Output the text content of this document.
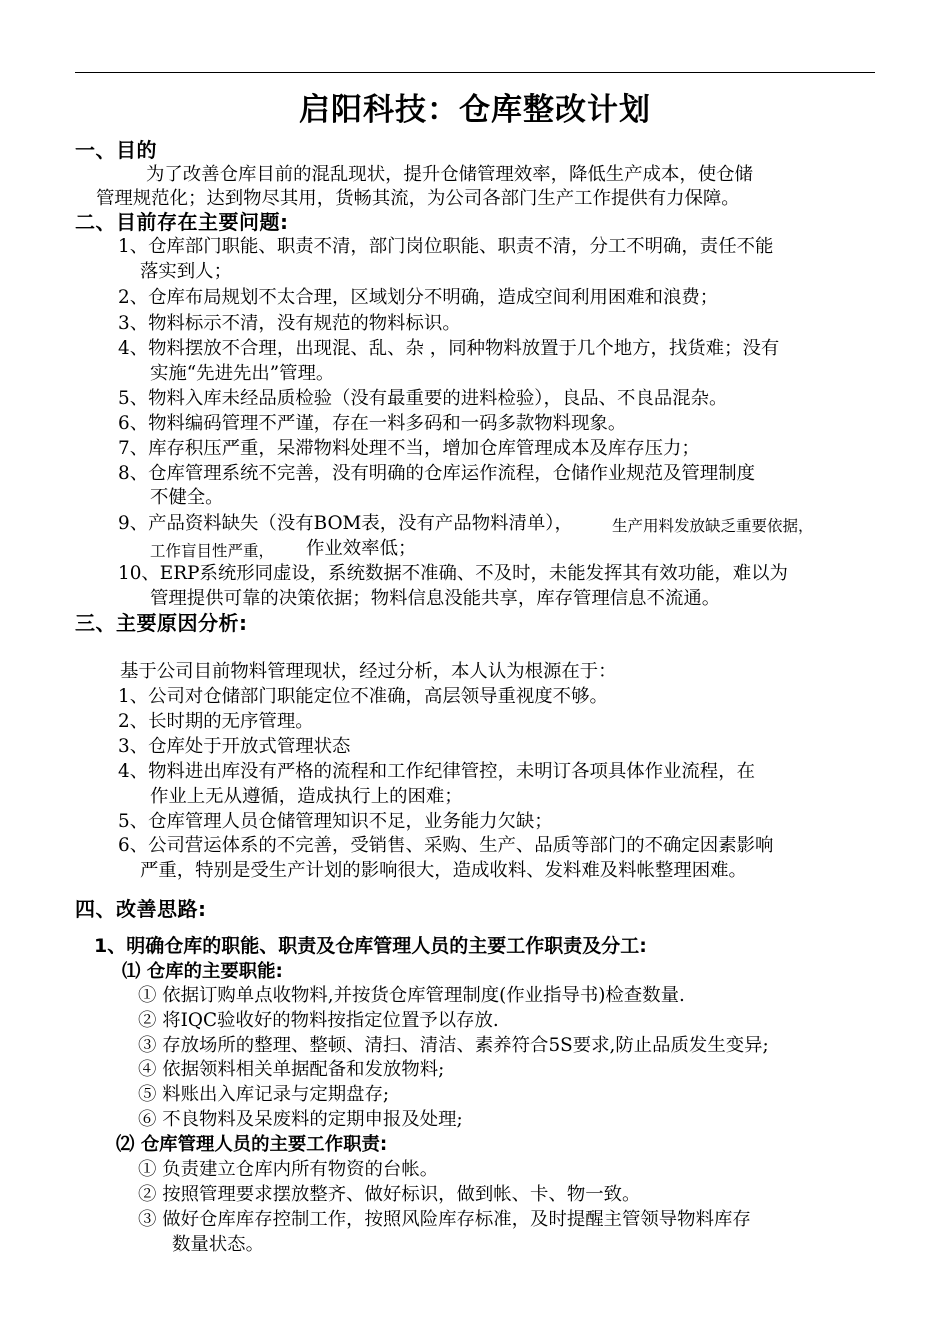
启阳科技：仓库整改计划
一、目的
为了改善仓库目前的混乱现状，提升仓储管理效率，降低生产成本，使仓储
管理规范化；达到物尽其用，货畅其流，为公司各部门生产工作提供有力保障。
二、目前存在主要问题:
1、仓库部门职能、职责不清，部门岗位职能、职责不清，分工不明确，责任不能
落实到人；
2、仓库布局规划不太合理，区域划分不明确，造成空间利用困难和浪费；
3、物料标示不清，没有规范的物料标识。
4、物料摆放不合理，出现混、乱、杂 ，同种物料放置于几个地方，找货难；没有
实施“先进先出”管理。
5、物料入库未经品质检验（没有最重要的进料检验），良品、不良品混杂。
6、物料编码管理不严谨，存在一料多码和一码多款物料现象。
7、库存积压严重，呆滞物料处理不当，增加仓库管理成本及库存压力；
8、仓库管理系统不完善，没有明确的仓库运作流程，仓储作业规范及管理制度
不健全。
9、产品资料缺失（没有BOM表，没有产品物料清单），	生产用料发放缺乏重要依据，
工作盲目性严重， 作业效率低；
10、ERP系统形同虚设，系统数据不准确、不及时，未能发挥其有效功能，难以为
管理提供可靠的决策依据；物料信息没能共享，库存管理信息不流通。
三、主要原因分析:
基于公司目前物料管理现状，经过分析，本人认为根源在于：
1、公司对仓储部门职能定位不准确，高层领导重视度不够。
2、长时期的无序管理。
3、仓库处于开放式管理状态
4、物料进出库没有严格的流程和工作纪律管控，未明订各项具体作业流程，在
作业上无从遵循，造成执行上的困难；
5、仓库管理人员仓储管理知识不足，业务能力欠缺；
6、公司营运体系的不完善，受销售、采购、生产、品质等部门的不确定因素影响
严重，特别是受生产计划的影响很大，造成收料、发料难及料帐整理困难。
四、改善思路:
1、明确仓库的职能、职责及仓库管理人员的主要工作职责及分工:
⑴ 仓库的主要职能:
① 依据订购单点收物料,并按货仓库管理制度(作业指导书)检查数量.
② 将IQC验收好的物料按指定位置予以存放.
③ 存放场所的整理、整顿、清扫、清洁、素养符合5S要求,防止品质发生变异;
④ 依据领料相关单据配备和发放物料;
⑤ 料账出入库记录与定期盘存;
⑥ 不良物料及呆废料的定期申报及处理;
⑵ 仓库管理人员的主要工作职责:
① 负责建立仓库内所有物资的台帐。
② 按照管理要求摆放整齐、做好标识，做到帐、卡、物一致。
③ 做好仓库库存控制工作，按照风险库存标准，及时提醒主管领导物料库存
数量状态。
